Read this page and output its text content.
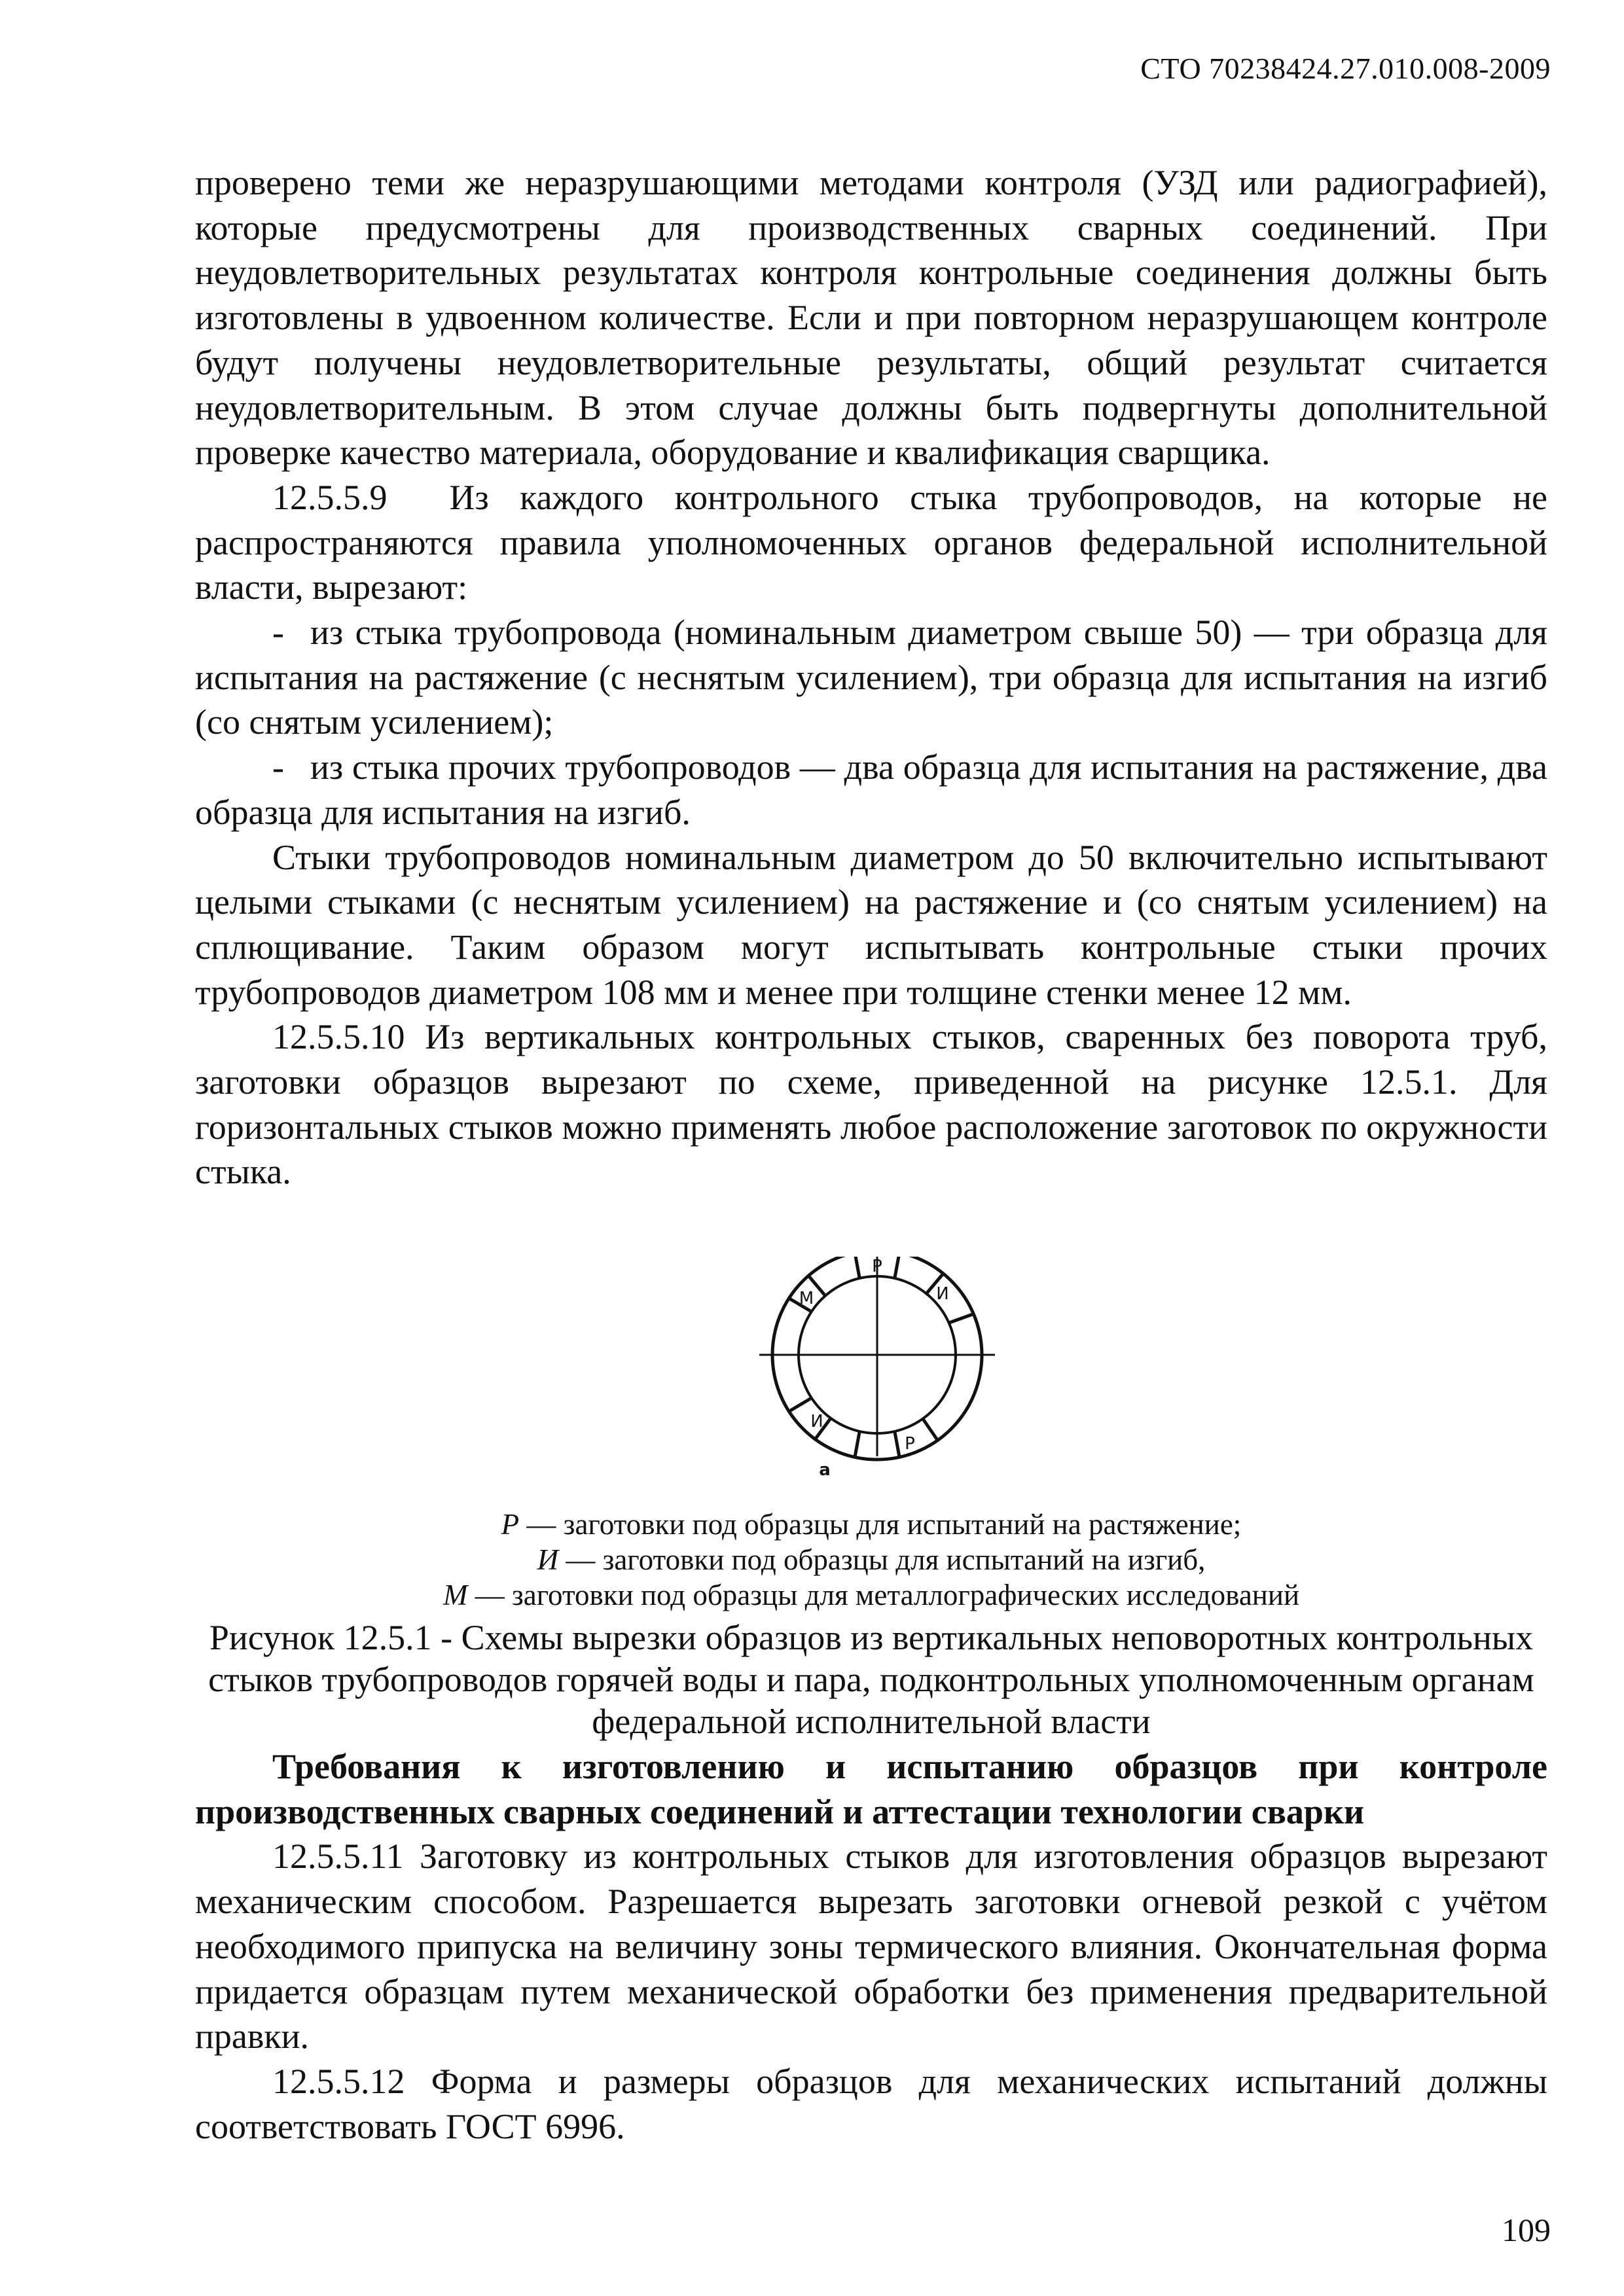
СТО 70238424.27.010.008-2009

проверено теми же неразрушающими методами контроля (УЗД или радиографией), которые предусмотрены для производственных сварных соединений. При неудовлетворительных результатах контроля контрольные соединения должны быть изготовлены в удвоенном количестве. Если и при повторном неразрушающем контроле будут получены неудовлетворительные результаты, общий результат считается неудовлетворительным. В этом случае должны быть подвергнуты дополнительной проверке качество материала, оборудование и квалификация сварщика.

12.5.5.9 Из каждого контрольного стыка трубопроводов, на которые не распространяются правила уполномоченных органов федеральной исполнительной власти, вырезают:

- из стыка трубопровода (номинальным диаметром свыше 50) — три образца для испытания на растяжение (с неснятым усилением), три образца для испытания на изгиб (со снятым усилением);

- из стыка прочих трубопроводов — два образца для испытания на растяжение, два образца для испытания на изгиб.

Стыки трубопроводов номинальным диаметром до 50 включительно испытывают целыми стыками (с неснятым усилением) на растяжение и (со снятым усилением) на сплющивание. Таким образом могут испытывать контрольные стыки прочих трубопроводов диаметром 108 мм и менее при толщине стенки менее 12 мм.

12.5.5.10 Из вертикальных контрольных стыков, сваренных без поворота труб, заготовки образцов вырезают по схеме, приведенной на рисунке 12.5.1. Для горизонтальных стыков можно применять любое расположение заготовок по окружности стыка.

Р
М	И
И
Р
а

Р — заготовки под образцы для испытаний на растяжение;

И — заготовки под образцы для испытаний на изгиб,

М — заготовки под образцы для металлографических исследований

Рисунок 12.5.1 - Схемы вырезки образцов из вертикальных неповоротных контрольных стыков трубопроводов горячей воды и пара, подконтрольных уполномоченным органам федеральной исполнительной власти

Требования к изготовлению и испытанию образцов при контроле производственных сварных соединений и аттестации технологии сварки

12.5.5.11 Заготовку из контрольных стыков для изготовления образцов вырезают механическим способом. Разрешается вырезать заготовки огневой резкой с учётом необходимого припуска на величину зоны термического влияния. Окончательная форма придается образцам путем механической обработки без применения предварительной правки.

12.5.5.12 Форма и размеры образцов для механических испытаний должны соответствовать ГОСТ 6996.

109
